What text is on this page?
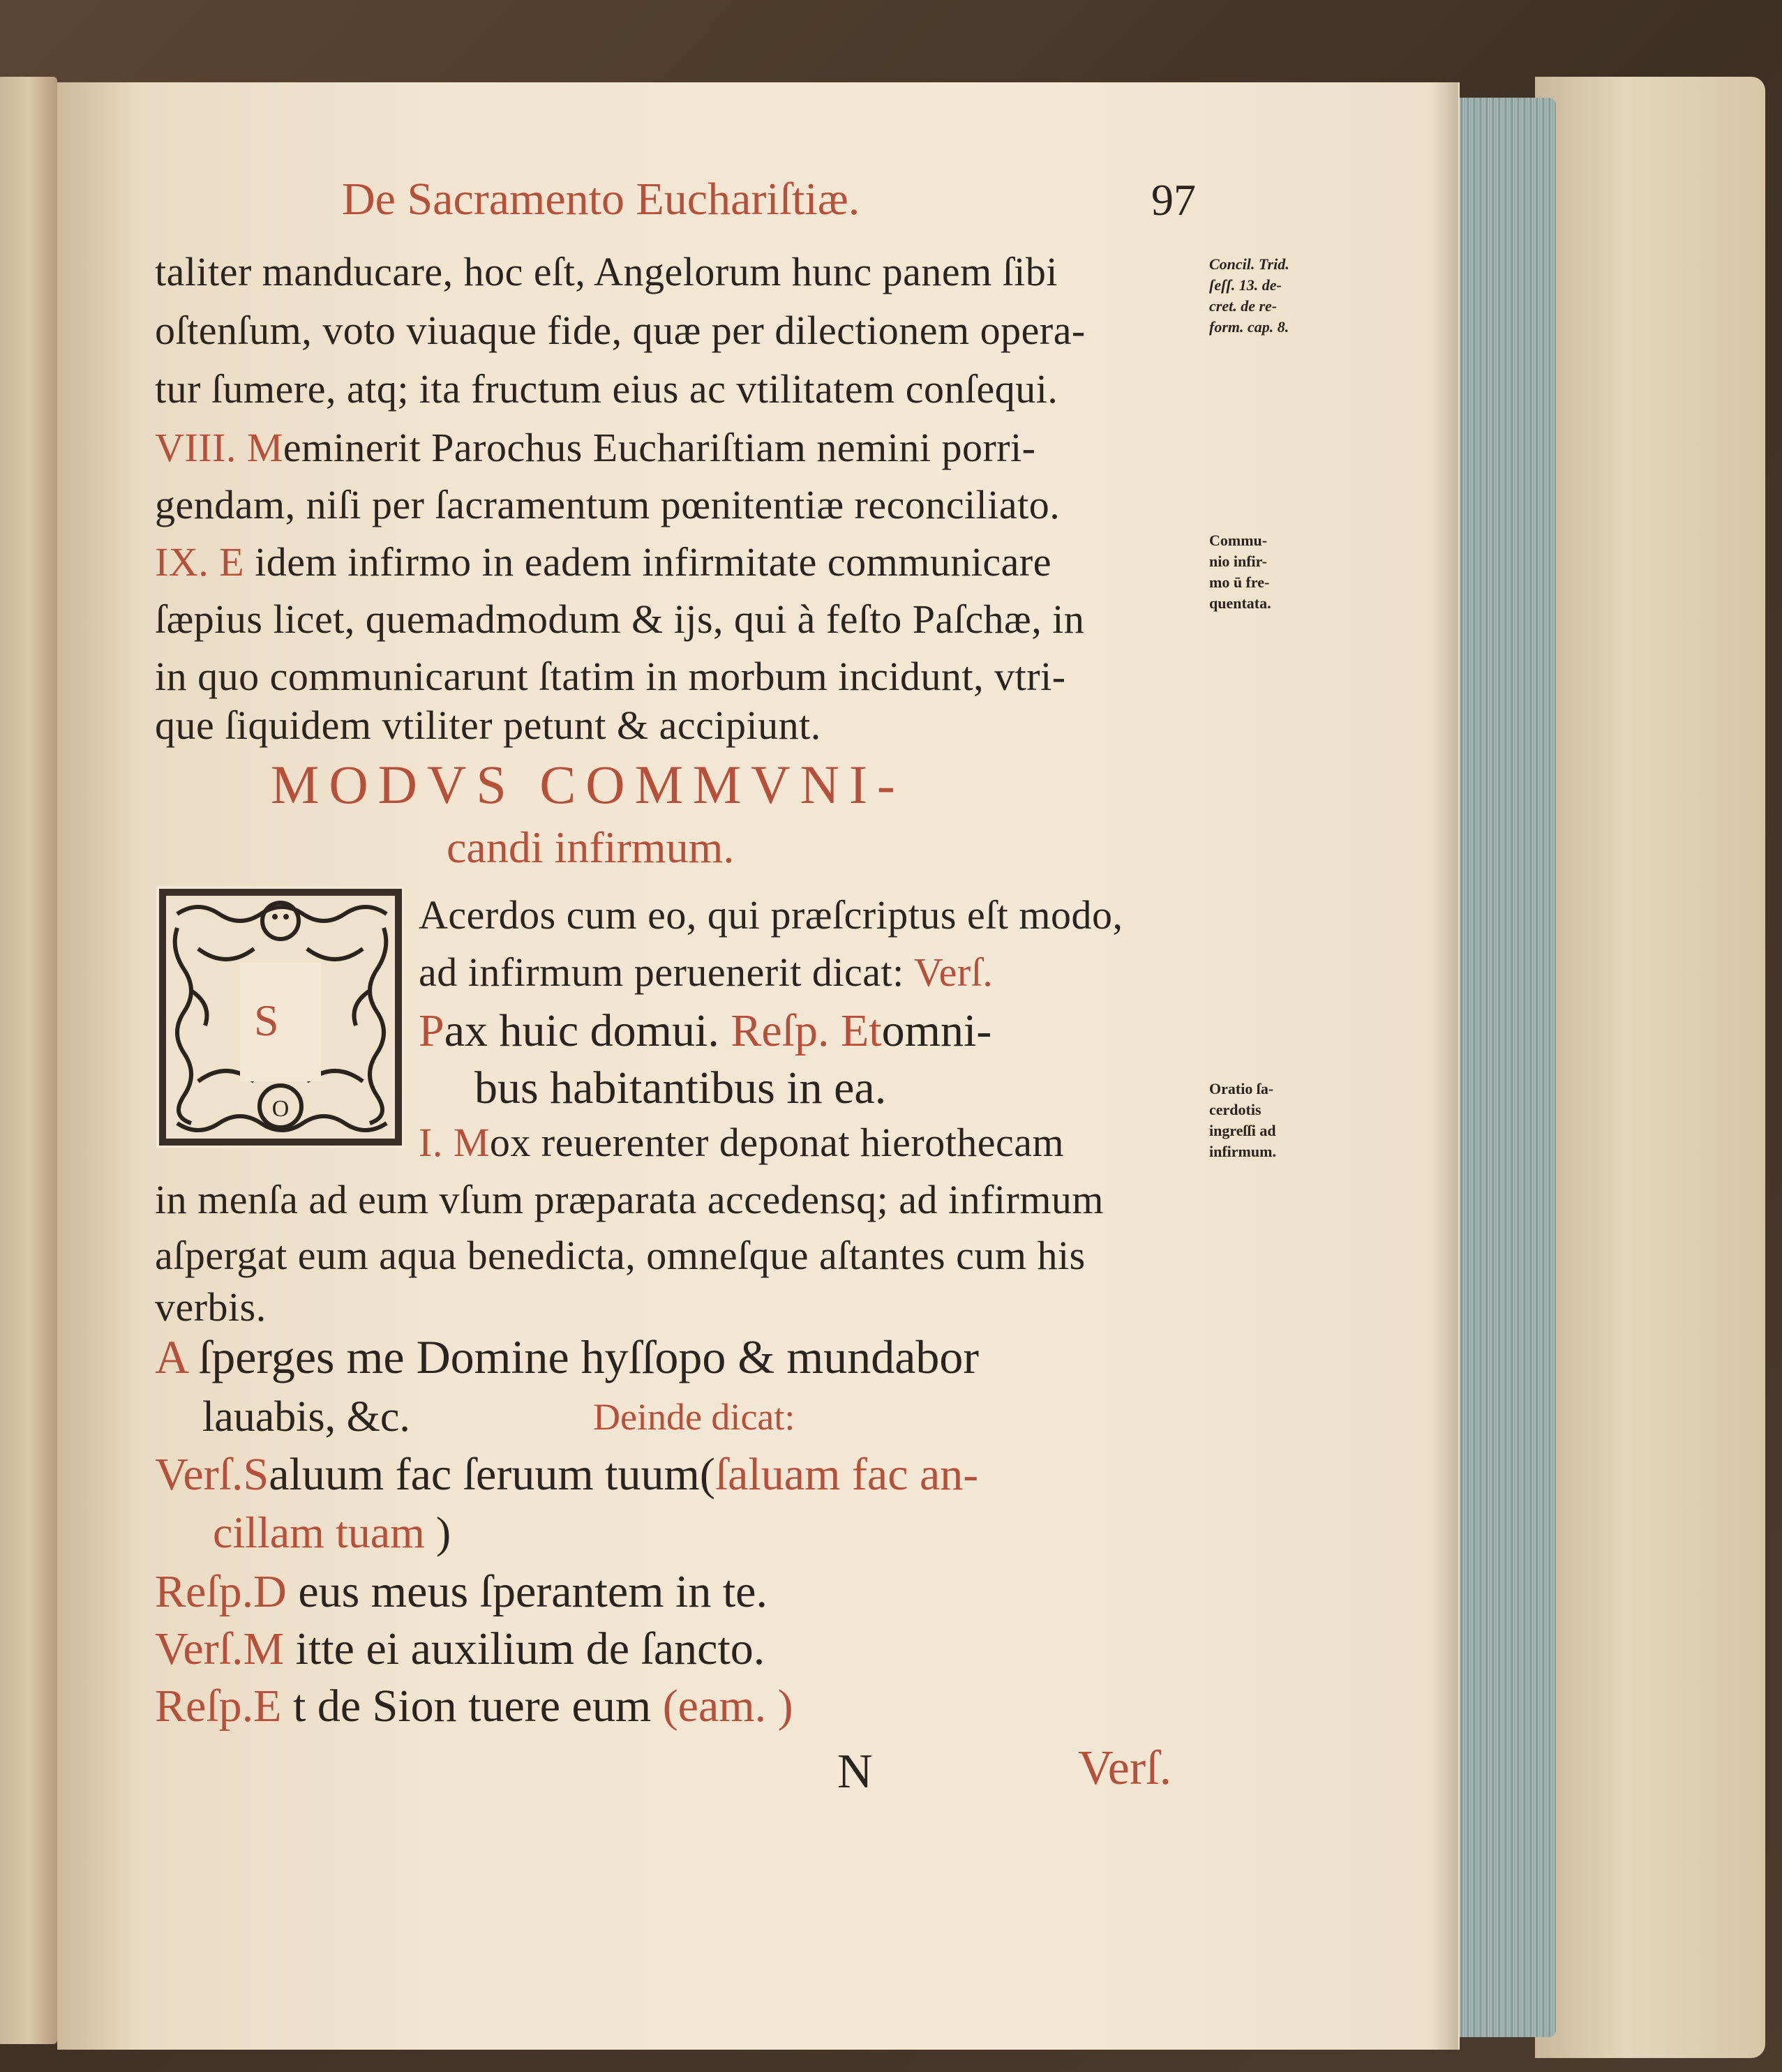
De Sacramento Euchariſtiæ.	97
taliter manducare, hoc eſt, Angelorum hunc panem ſibi
oſtenſum, voto viuaque fide, quæ per dilectionem opera-
tur ſumere, atq; ita fructum eius ac vtilitatem conſequi.
VIII. Meminerit Parochus Euchariſtiam nemini porri-
gendam, niſi per ſacramentum pœnitentiæ reconciliato.
IX. E idem infirmo in eadem infirmitate communicare
ſæpius licet, quemadmodum & ijs, qui à feſto Paſchæ, in
in quo communicarunt ſtatim in morbum incidunt, vtri-
que ſiquidem vtiliter petunt & accipiunt.
MODVS COMMVNI-
candi infirmum.
O
S
Acerdos cum eo, qui præſcriptus eſt modo,
ad infirmum peruenerit dicat: Verſ.
Pax huic domui. Reſp. Etomni-
bus habitantibus in ea.
I. Mox reuerenter deponat hierothecam
in menſa ad eum vſum præparata accedensq; ad infirmum
aſpergat eum aqua benedicta, omneſque aſtantes cum his
verbis.
A ſperges me Domine hyſſopo & mundabor
lauabis, &c.	Deinde dicat:
Verſ.Saluum fac ſeruum tuum(ſaluam fac an-
cillam tuam )
Reſp.D eus meus ſperantem in te.
Verſ.M itte ei auxilium de ſancto.
Reſp.E t de Sion tuere eum (eam. )
Concil. Trid.
ſeſſ. 13. de-
cret. de re-
form. cap. 8.
Commu-
nio infir-
mo ū fre-
quentata.
Oratio ſa-
cerdotis
ingreſſi ad
infirmum.
N	Verſ.
